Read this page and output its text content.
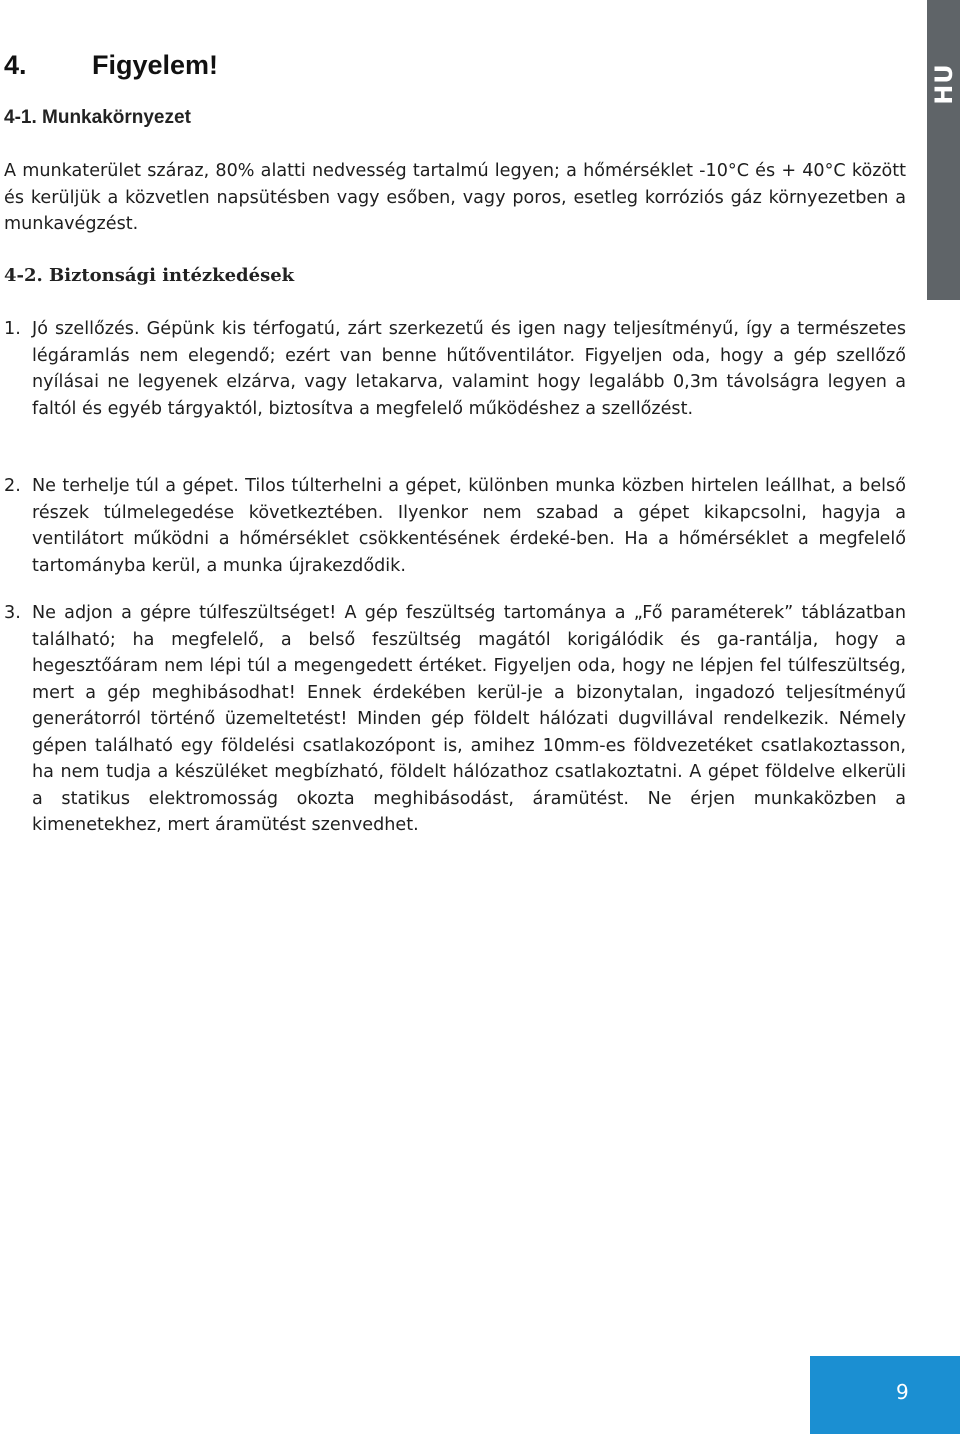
HU
4. Figyelem!
4-1. Munkakörnyezet
A munkaterület száraz, 80% alatti nedvesség tartalmú legyen; a hőmérséklet -10°C és + 40°C között és kerüljük a közvetlen napsütésben vagy esőben, vagy poros, esetleg korróziós gáz környezetben a munkavégzést.
4-2. Biztonsági intézkedések
1. Jó szellőzés. Gépünk kis térfogatú, zárt szerkezetű és igen nagy teljesítményű, így a természetes légáramlás nem elegendő; ezért van benne hűtőventilátor. Figyeljen oda, hogy a gép szellőző nyílásai ne legyenek elzárva, vagy letakarva, valamint hogy legalább 0,3m távolságra legyen a faltól és egyéb tárgyaktól, biztosítva a megfelelő működéshez a szellőzést.
2. Ne terhelje túl a gépet. Tilos túlterhelni a gépet, különben munka közben hirtelen leállhat, a belső részek túlmelegedése következtében. Ilyenkor nem szabad a gépet kikapcsolni, hagyja a ventilátort működni a hőmérséklet csökkentésének érdeké-ben. Ha a hőmérséklet a megfelelő tartományba kerül, a munka újrakezdődik.
3. Ne adjon a gépre túlfeszültséget! A gép feszültség tartománya a „Fő paraméterek” táblázatban található; ha megfelelő, a belső feszültség magától korigálódik és ga-rantálja, hogy a hegesztőáram nem lépi túl a megengedett értéket. Figyeljen oda, hogy ne lépjen fel túlfeszültség, mert a gép meghibásodhat! Ennek érdekében kerül-je a bizonytalan, ingadozó teljesítményű generátorról történő üzemeltetést! Minden gép földelt hálózati dugvillával rendelkezik. Némely gépen található egy földelési csatlakozópont is, amihez 10mm-es földvezetéket csatlakoztasson, ha nem tudja a készüléket megbízható, földelt hálózathoz csatlakoztatni. A gépet földelve elkerüli a statikus elektromosság okozta meghibásodást, áramütést. Ne érjen munkaközben a kimenetekhez, mert áramütést szenvedhet.
9
